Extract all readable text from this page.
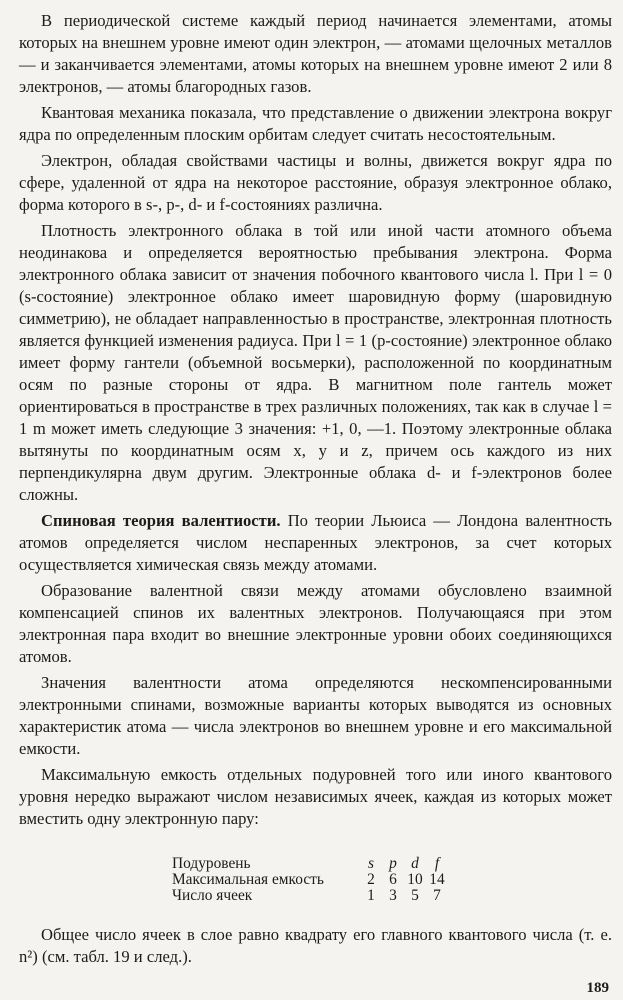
В периодической системе каждый период начинается элементами, атомы которых на внешнем уровне имеют один электрон, — атомами щелочных металлов — и заканчивается элементами, атомы которых на внешнем уровне имеют 2 или 8 электронов, — атомы благородных газов.

Квантовая механика показала, что представление о движении электрона вокруг ядра по определенным плоским орбитам следует считать несостоятельным.

Электрон, обладая свойствами частицы и волны, движется вокруг ядра по сфере, удаленной от ядра на некоторое расстояние, образуя электронное облако, форма которого в s-, p-, d- и f-состояниях различна.

Плотность электронного облака в той или иной части атомного объема неодинакова и определяется вероятностью пребывания электрона. Форма электронного облака зависит от значения побочного квантового числа l. При l = 0 (s-состояние) электронное облако имеет шаровидную форму (шаровидную симметрию), не обладает направленностью в пространстве, электронная плотность является функцией изменения радиуса. При l = 1 (p-состояние) электронное облако имеет форму гантели (объемной восьмерки), расположенной по координатным осям по разные стороны от ядра. В магнитном поле гантель может ориентироваться в пространстве в трех различных положениях, так как в случае l = 1 m может иметь следующие 3 значения: +1, 0, —1. Поэтому электронные облака вытянуты по координатным осям x, y и z, причем ось каждого из них перпендикулярна двум другим. Электронные облака d- и f-электронов более сложны.

Спиновая теория валентиости. По теории Льюиса — Лондона валентность атомов определяется числом неспаренных электронов, за счет которых осуществляется химическая связь между атомами.

Образование валентной связи между атомами обусловлено взаимной компенсацией спинов их валентных электронов. Получающаяся при этом электронная пара входит во внешние электронные уровни обоих соединяющихся атомов.

Значения валентности атома определяются нескомпенсированными электронными спинами, возможные варианты которых выводятся из основных характеристик атома — числа электронов во внешнем уровне и его максимальной емкости.

Максимальную емкость отдельных подуровней того или иного квантового уровня нередко выражают числом независимых ячеек, каждая из которых может вместить одну электронную пару:

Подуровень	s	p	d	f
Максимальная емкость	2	6	10	14
Число ячеек	1	3	5	7

Общее число ячеек в слое равно квадрату его главного квантового числа (т. е. n²) (см. табл. 19 и след.).

189
